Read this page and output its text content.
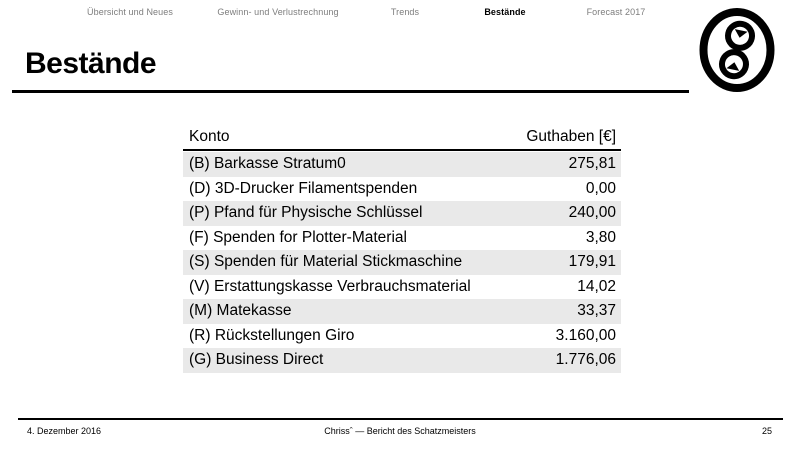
Übersicht und Neues	Gewinn- und Verlustrechnung	Trends	Bestände	Forecast 2017
Bestände
Konto	Guthaben [€]
(B) Barkasse Stratum0	275,81
(D) 3D-Drucker Filamentspenden	0,00
(P) Pfand für Physische Schlüssel	240,00
(F) Spenden for Plotter-Material	3,80
(S) Spenden für Material Stickmaschine	179,91
(V) Erstattungskasse Verbrauchsmaterial	14,02
(M) Matekasse	33,37
(R) Rückstellungen Giro	3.160,00
(G) Business Direct	1.776,06
4. Dezember 2016	Chrissˆ — Bericht des Schatzmeisters	25
